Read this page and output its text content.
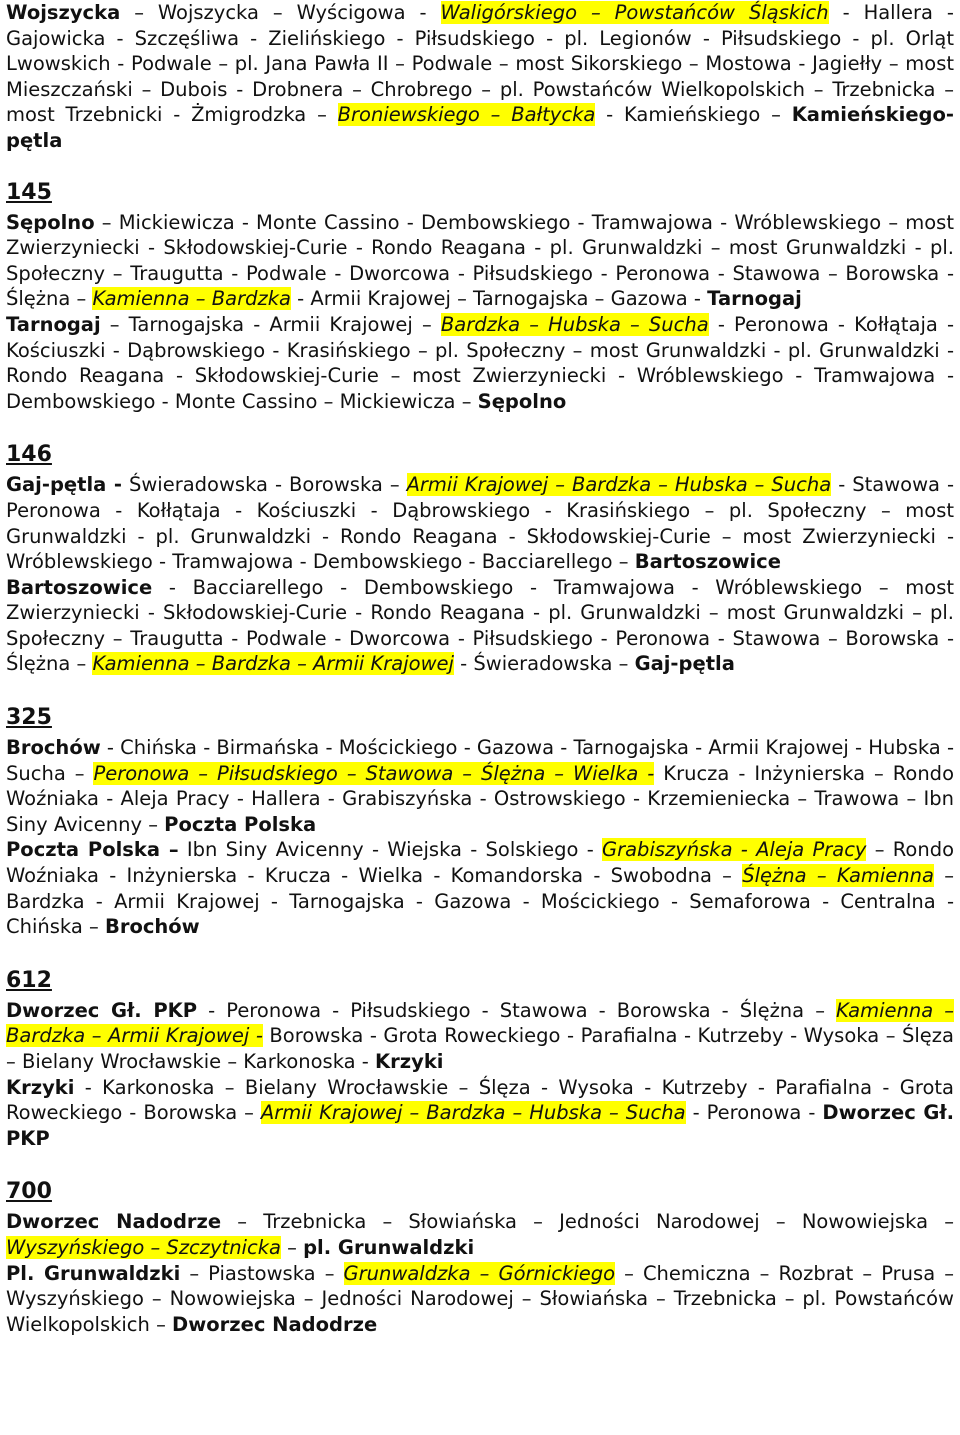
Wojszycka – Wojszycka – Wyścigowa - Waligórskiego – Powstańców Śląskich - Hallera - Gajowicka - Szczęśliwa - Zielińskiego - Piłsudskiego - pl. Legionów - Piłsudskiego - pl. Orląt Lwowskich - Podwale – pl. Jana Pawła II – Podwale – most Sikorskiego – Mostowa - Jagiełły – most Mieszczański – Dubois - Drobnera – Chrobrego – pl. Powstańców Wielkopolskich – Trzebnicka – most Trzebnicki - Żmigrodzka – Broniewskiego – Bałtycka - Kamieńskiego – Kamieńskiego-pętla

145

Sępolno – Mickiewicza - Monte Cassino - Dembowskiego - Tramwajowa - Wróblewskiego – most Zwierzyniecki - Skłodowskiej-Curie - Rondo Reagana - pl. Grunwaldzki – most Grunwaldzki - pl. Społeczny – Traugutta - Podwale - Dworcowa - Piłsudskiego - Peronowa - Stawowa – Borowska - Ślężna – Kamienna – Bardzka - Armii Krajowej – Tarnogajska – Gazowa - Tarnogaj

Tarnogaj – Tarnogajska - Armii Krajowej – Bardzka – Hubska – Sucha - Peronowa - Kołłątaja - Kościuszki - Dąbrowskiego - Krasińskiego – pl. Społeczny – most Grunwaldzki - pl. Grunwaldzki - Rondo Reagana - Skłodowskiej-Curie – most Zwierzyniecki - Wróblewskiego - Tramwajowa - Dembowskiego - Monte Cassino – Mickiewicza – Sępolno

146

Gaj-pętla - Świeradowska - Borowska – Armii Krajowej – Bardzka – Hubska – Sucha - Stawowa - Peronowa - Kołłątaja - Kościuszki - Dąbrowskiego - Krasińskiego – pl. Społeczny – most Grunwaldzki - pl. Grunwaldzki - Rondo Reagana - Skłodowskiej-Curie – most Zwierzyniecki - Wróblewskiego - Tramwajowa - Dembowskiego - Bacciarellego – Bartoszowice

Bartoszowice - Bacciarellego - Dembowskiego - Tramwajowa - Wróblewskiego – most Zwierzyniecki - Skłodowskiej-Curie - Rondo Reagana - pl. Grunwaldzki – most Grunwaldzki – pl. Społeczny – Traugutta - Podwale - Dworcowa - Piłsudskiego - Peronowa - Stawowa – Borowska - Ślężna – Kamienna – Bardzka – Armii Krajowej - Świeradowska – Gaj-pętla

325

Brochów - Chińska - Birmańska - Mościckiego - Gazowa - Tarnogajska - Armii Krajowej - Hubska - Sucha – Peronowa – Piłsudskiego – Stawowa – Ślężna – Wielka - Krucza - Inżynierska – Rondo Woźniaka - Aleja Pracy - Hallera - Grabiszyńska - Ostrowskiego - Krzemieniecka – Trawowa – Ibn Siny Avicenny – Poczta Polska

Poczta Polska – Ibn Siny Avicenny - Wiejska - Solskiego - Grabiszyńska - Aleja Pracy – Rondo Woźniaka - Inżynierska - Krucza - Wielka - Komandorska - Swobodna – Ślężna – Kamienna – Bardzka - Armii Krajowej - Tarnogajska - Gazowa - Mościckiego - Semaforowa - Centralna - Chińska – Brochów

612

Dworzec Gł. PKP - Peronowa - Piłsudskiego - Stawowa - Borowska - Ślężna – Kamienna – Bardzka – Armii Krajowej - Borowska - Grota Roweckiego - Parafialna - Kutrzeby - Wysoka – Ślęza – Bielany Wrocławskie – Karkonoska - Krzyki

Krzyki - Karkonoska – Bielany Wrocławskie – Ślęza - Wysoka - Kutrzeby - Parafialna - Grota Roweckiego - Borowska – Armii Krajowej – Bardzka – Hubska – Sucha - Peronowa - Dworzec Gł. PKP

700

Dworzec Nadodrze – Trzebnicka – Słowiańska – Jedności Narodowej – Nowowiejska – Wyszyńskiego – Szczytnicka – pl. Grunwaldzki

Pl. Grunwaldzki – Piastowska – Grunwaldzka – Górnickiego – Chemiczna – Rozbrat – Prusa – Wyszyńskiego – Nowowiejska – Jedności Narodowej – Słowiańska – Trzebnicka – pl. Powstańców Wielkopolskich – Dworzec Nadodrze
